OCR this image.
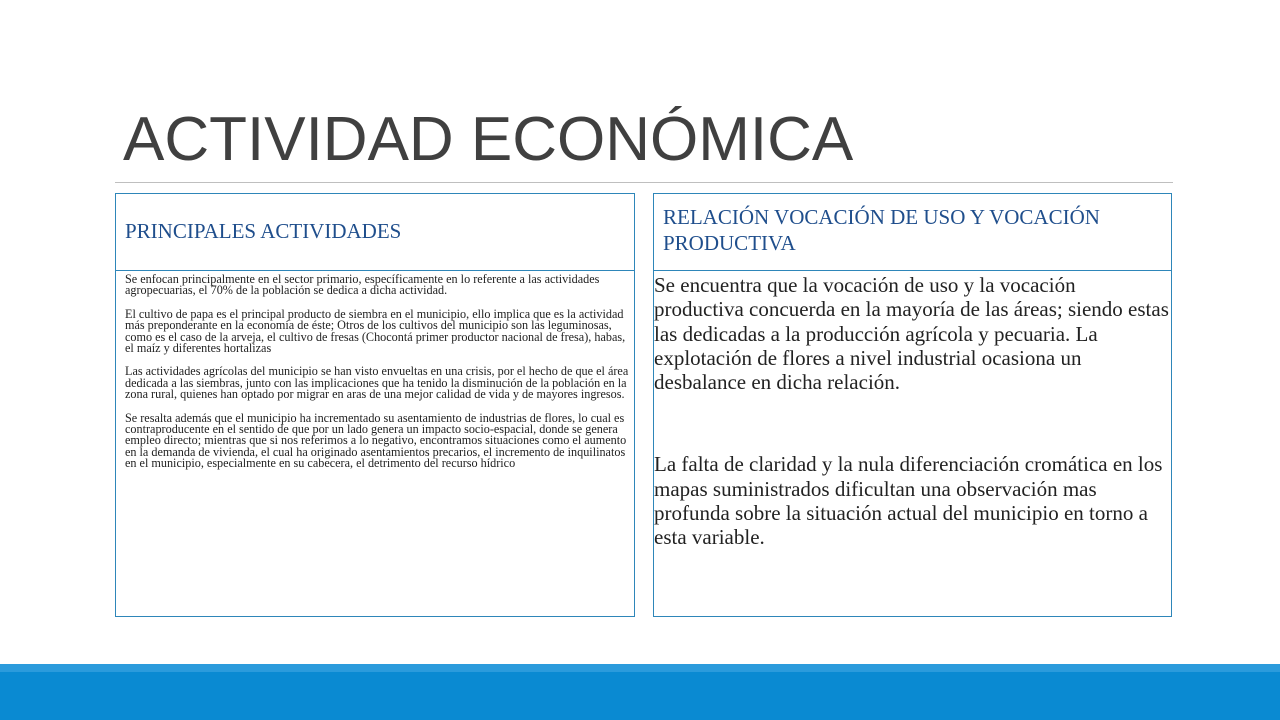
ACTIVIDAD ECONÓMICA
PRINCIPALES ACTIVIDADES

Se enfocan principalmente en el sector primario, específicamente en lo referente a las actividades agropecuarias, el 70% de la población se dedica a dicha actividad.

El cultivo de papa es el principal producto de siembra en el municipio, ello implica que es la actividad más preponderante en la economía de éste; Otros de los cultivos del municipio son las leguminosas, como es el caso de la arveja, el cultivo de fresas (Chocontá primer productor nacional de fresa), habas, el maíz y diferentes hortalizas

Las actividades agrícolas del municipio se han visto envueltas en una crisis, por el hecho de que el área dedicada a las siembras, junto con las implicaciones que ha tenido la disminución de la población en la zona rural, quienes han optado por migrar en aras de una mejor calidad de vida y de mayores ingresos.

Se resalta además que el municipio ha incrementado su asentamiento de industrias de flores, lo cual es contraproducente en el sentido de que por un lado genera un impacto socio-espacial, donde se genera empleo directo; mientras que si nos referimos a lo negativo, encontramos situaciones como el aumento en la demanda de vivienda, el cual ha originado asentamientos precarios, el incremento de inquilinatos en el municipio, especialmente en su cabecera, el detrimento del recurso hídrico

RELACIÓN VOCACIÓN DE USO Y VOCACIÓN PRODUCTIVA

Se encuentra que la vocación de uso y la vocación productiva concuerda en la mayoría de las áreas; siendo estas las dedicadas a la producción agrícola y pecuaria. La explotación de flores a nivel industrial ocasiona un desbalance en dicha relación.

La falta de claridad y la nula diferenciación cromática en los mapas suministrados dificultan una observación mas profunda sobre la situación actual del municipio en torno a esta variable.
